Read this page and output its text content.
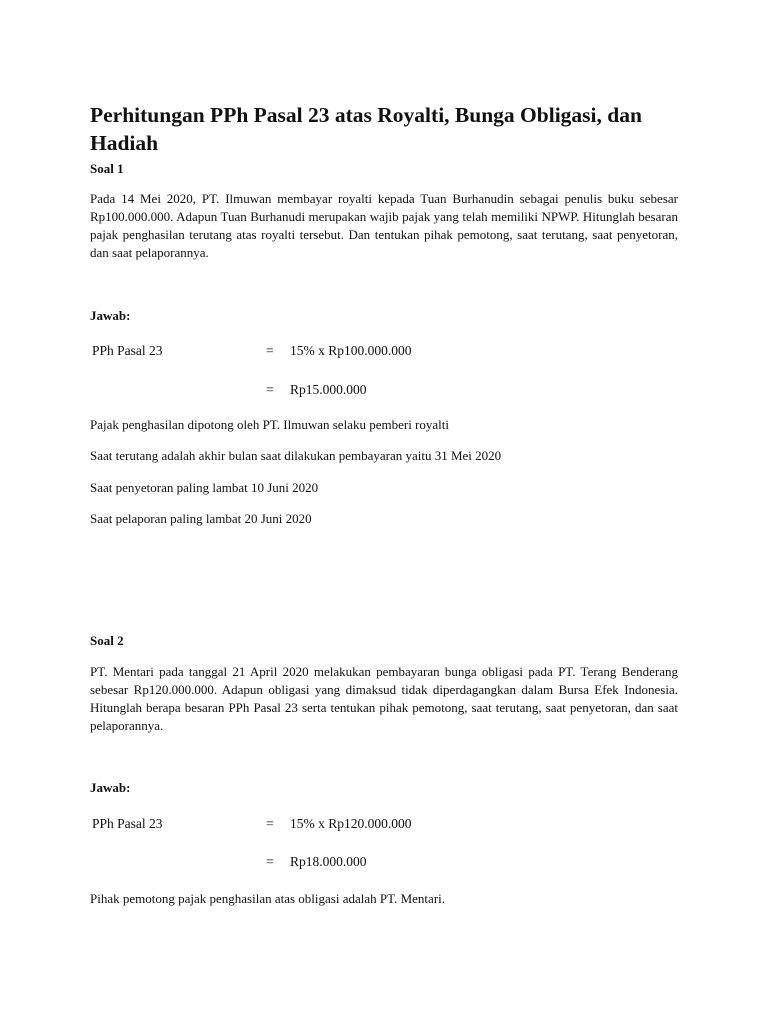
Perhitungan PPh Pasal 23 atas Royalti, Bunga Obligasi, dan Hadiah

Soal 1

Pada 14 Mei 2020, PT. Ilmuwan membayar royalti kepada Tuan Burhanudin sebagai penulis buku sebesar Rp100.000.000. Adapun Tuan Burhanudi merupakan wajib pajak yang telah memiliki NPWP. Hitunglah besaran pajak penghasilan terutang atas royalti tersebut. Dan tentukan pihak pemotong, saat terutang, saat penyetoran, dan saat pelaporannya.

Jawab:

PPh Pasal 23	= 15% x Rp100.000.000
= Rp15.000.000

Pajak penghasilan dipotong oleh PT. Ilmuwan selaku pemberi royalti

Saat terutang adalah akhir bulan saat dilakukan pembayaran yaitu 31 Mei 2020

Saat penyetoran paling lambat 10 Juni 2020

Saat pelaporan paling lambat 20 Juni 2020

Soal 2

PT. Mentari pada tanggal 21 April 2020 melakukan pembayaran bunga obligasi pada PT. Terang Benderang sebesar Rp120.000.000. Adapun obligasi yang dimaksud tidak diperdagangkan dalam Bursa Efek Indonesia. Hitunglah berapa besaran PPh Pasal 23 serta tentukan pihak pemotong, saat terutang, saat penyetoran, dan saat pelaporannya.

Jawab:

PPh Pasal 23	= 15% x Rp120.000.000
= Rp18.000.000

Pihak pemotong pajak penghasilan atas obligasi adalah PT. Mentari.
